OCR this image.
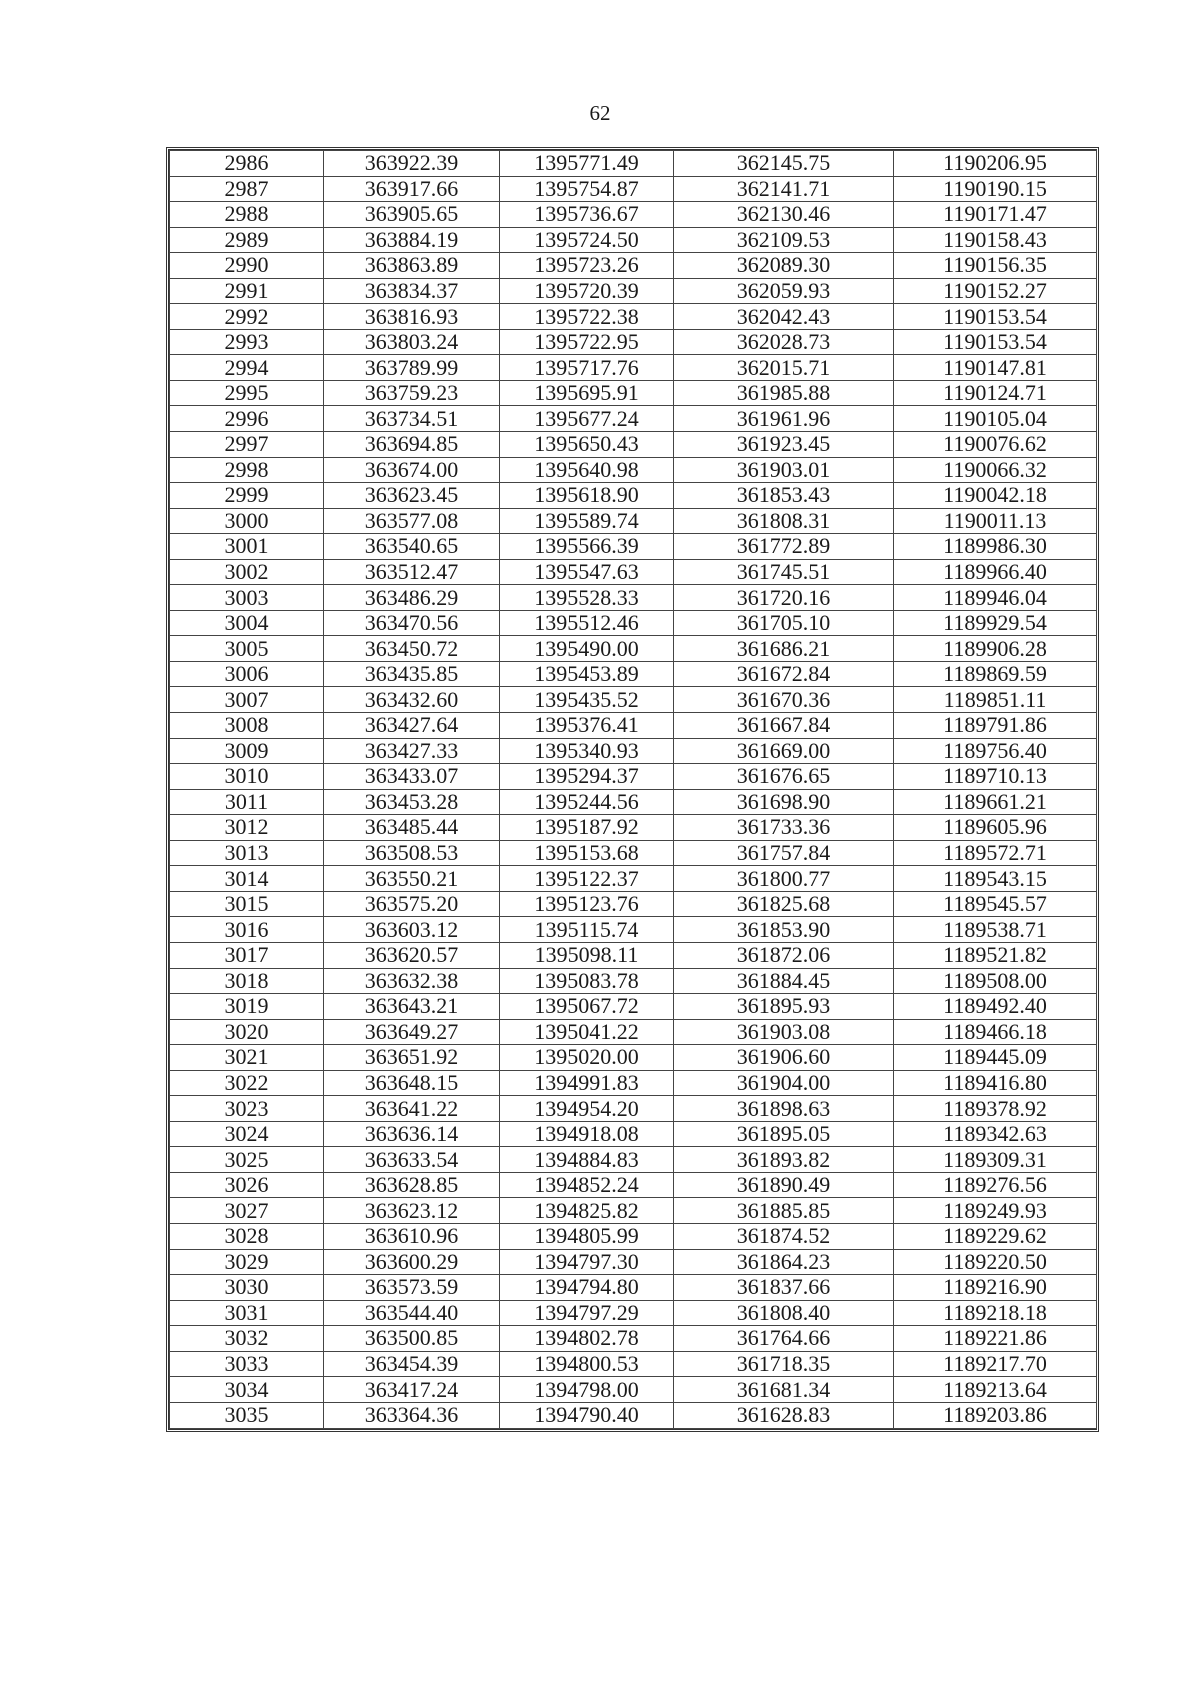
62
2986	363922.39	1395771.49	362145.75	1190206.95
2987	363917.66	1395754.87	362141.71	1190190.15
2988	363905.65	1395736.67	362130.46	1190171.47
2989	363884.19	1395724.50	362109.53	1190158.43
2990	363863.89	1395723.26	362089.30	1190156.35
2991	363834.37	1395720.39	362059.93	1190152.27
2992	363816.93	1395722.38	362042.43	1190153.54
2993	363803.24	1395722.95	362028.73	1190153.54
2994	363789.99	1395717.76	362015.71	1190147.81
2995	363759.23	1395695.91	361985.88	1190124.71
2996	363734.51	1395677.24	361961.96	1190105.04
2997	363694.85	1395650.43	361923.45	1190076.62
2998	363674.00	1395640.98	361903.01	1190066.32
2999	363623.45	1395618.90	361853.43	1190042.18
3000	363577.08	1395589.74	361808.31	1190011.13
3001	363540.65	1395566.39	361772.89	1189986.30
3002	363512.47	1395547.63	361745.51	1189966.40
3003	363486.29	1395528.33	361720.16	1189946.04
3004	363470.56	1395512.46	361705.10	1189929.54
3005	363450.72	1395490.00	361686.21	1189906.28
3006	363435.85	1395453.89	361672.84	1189869.59
3007	363432.60	1395435.52	361670.36	1189851.11
3008	363427.64	1395376.41	361667.84	1189791.86
3009	363427.33	1395340.93	361669.00	1189756.40
3010	363433.07	1395294.37	361676.65	1189710.13
3011	363453.28	1395244.56	361698.90	1189661.21
3012	363485.44	1395187.92	361733.36	1189605.96
3013	363508.53	1395153.68	361757.84	1189572.71
3014	363550.21	1395122.37	361800.77	1189543.15
3015	363575.20	1395123.76	361825.68	1189545.57
3016	363603.12	1395115.74	361853.90	1189538.71
3017	363620.57	1395098.11	361872.06	1189521.82
3018	363632.38	1395083.78	361884.45	1189508.00
3019	363643.21	1395067.72	361895.93	1189492.40
3020	363649.27	1395041.22	361903.08	1189466.18
3021	363651.92	1395020.00	361906.60	1189445.09
3022	363648.15	1394991.83	361904.00	1189416.80
3023	363641.22	1394954.20	361898.63	1189378.92
3024	363636.14	1394918.08	361895.05	1189342.63
3025	363633.54	1394884.83	361893.82	1189309.31
3026	363628.85	1394852.24	361890.49	1189276.56
3027	363623.12	1394825.82	361885.85	1189249.93
3028	363610.96	1394805.99	361874.52	1189229.62
3029	363600.29	1394797.30	361864.23	1189220.50
3030	363573.59	1394794.80	361837.66	1189216.90
3031	363544.40	1394797.29	361808.40	1189218.18
3032	363500.85	1394802.78	361764.66	1189221.86
3033	363454.39	1394800.53	361718.35	1189217.70
3034	363417.24	1394798.00	361681.34	1189213.64
3035	363364.36	1394790.40	361628.83	1189203.86
